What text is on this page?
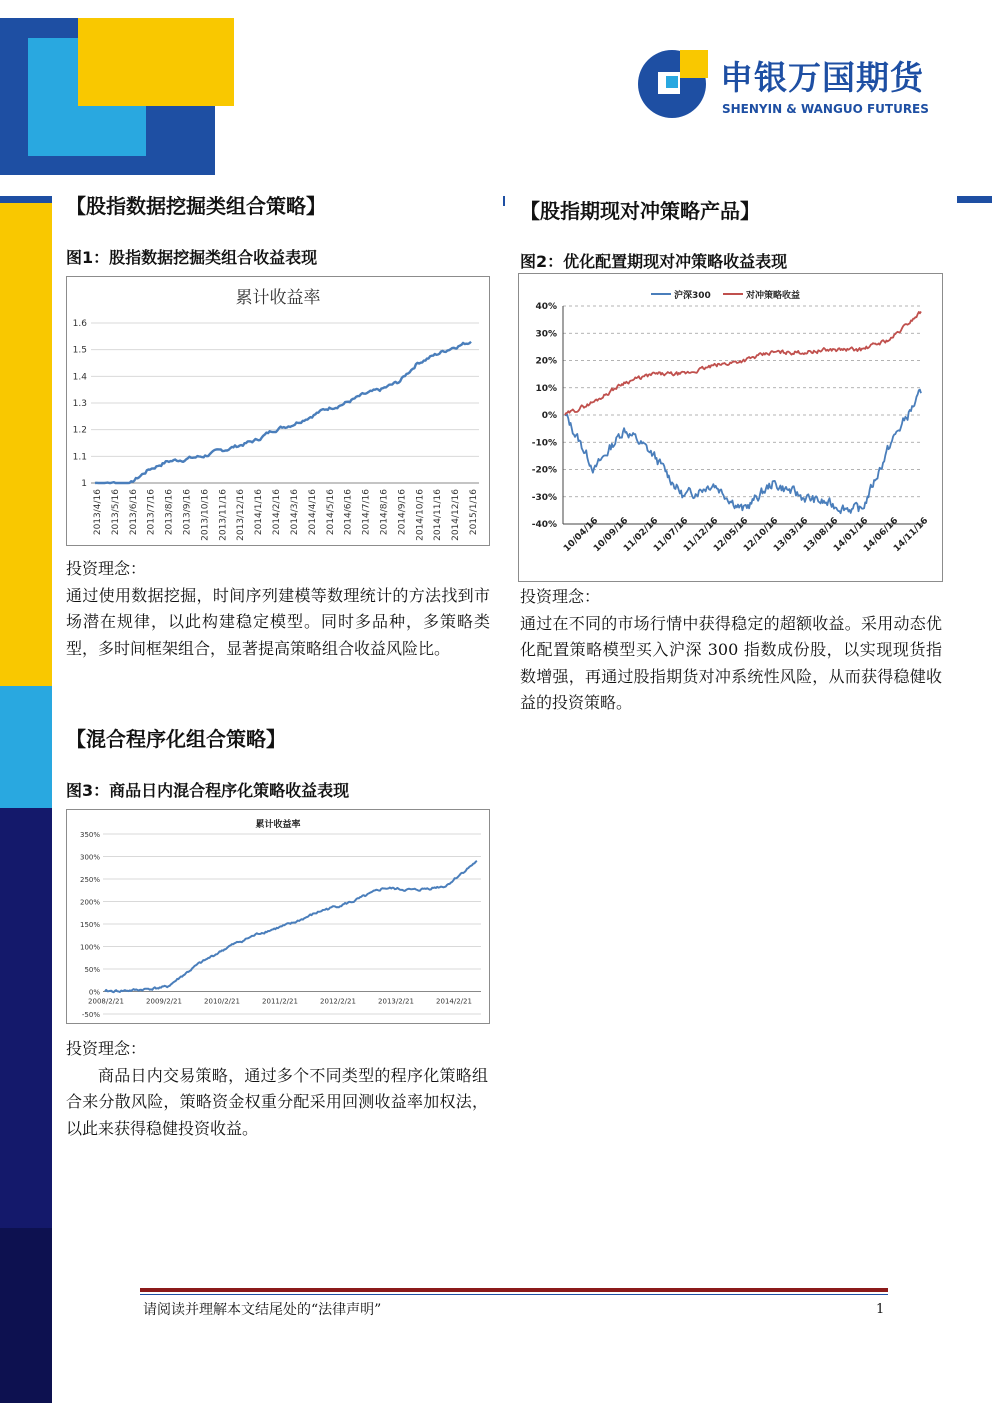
申银万国期货
SHENYIN & WANGUO FUTURES
【股指数据挖掘类组合策略】
图1：股指数据挖掘类组合收益表现
累计收益率
1
1.1
1.2
1.3
1.4
1.5
1.6
2013/4/16 2013/5/16 2013/6/16 2013/7/16 2013/8/16 2013/9/16 2013/10/16 2013/11/16 2013/12/16 2014/1/16 2014/2/16 2014/3/16 2014/4/16 2014/5/16 2014/6/16 2014/7/16 2014/8/16 2014/9/16 2014/10/16 2014/11/16 2014/12/16 2015/1/16

投资理念：

通过使用数据挖掘，时间序列建模等数理统计的方法找到市场潜在规律，以此构建稳定模型。同时多品种，多策略类型，多时间框架组合，显著提高策略组合收益风险比。

【股指期现对冲策略产品】
图2：优化配置期现对冲策略收益表现
沪深300	对冲策略收益
-40%
-30%
-20%
-10%
0%
10%
20%
30%
40%
10/04/16
10/09/16
11/02/16
11/07/16
11/12/16
12/05/16
12/10/16
13/03/16
13/08/16
14/01/16
14/06/16
14/11/16

投资理念：

通过在不同的市场行情中获得稳定的超额收益。采用动态优化配置策略模型买入沪深 300 指数成份股，以实现现货指数增强，再通过股指期货对冲系统性风险，从而获得稳健收益的投资策略。

【混合程序化组合策略】
图3：商品日内混合程序化策略收益表现
累计收益率
-50%
0%
50%
100%
150%
200%
250%
300%
350%
2008/2/21	2009/2/21	2010/2/21	2011/2/21	2012/2/21	2013/2/21	2014/2/21

投资理念：

商品日内交易策略，通过多个不同类型的程序化策略组合来分散风险，策略资金权重分配采用回测收益率加权法，以此来获得稳健投资收益。

请阅读并理解本文结尾处的“法律声明”	1
